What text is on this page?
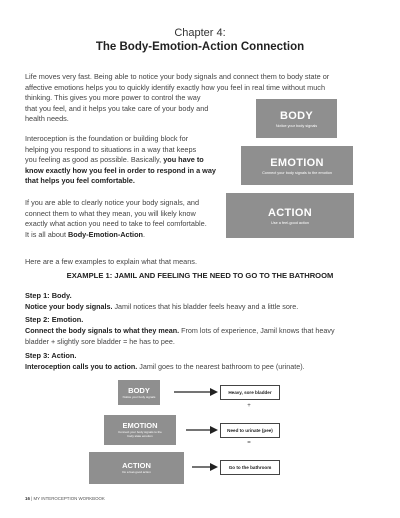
Chapter 4:
The Body-Emotion-Action Connection
Life moves very fast. Being able to notice your body signals and connect them to body state or
affective emotions helps you to quickly identify exactly how you feel in real time without much
thinking. This gives you more power to control the way
that you feel, and it helps you take care of your body and
health needs.
Interoception is the foundation or building block for
helping you respond to situations in a way that keeps
you feeling as good as possible. Basically, you have to
know exactly how you feel in order to respond in a way
that helps you feel comfortable.
If you are able to clearly notice your body signals, and
connect them to what they mean, you will likely know
exactly what action you need to take to feel comfortable.
It is all about Body-Emotion-Action.
BODY
Notice your body signals
EMOTION
Connect your body signals to the emotion
ACTION
Use a feel-good action
Here are a few examples to explain what that means.
EXAMPLE 1: JAMIL AND FEELING THE NEED TO GO TO THE BATHROOM
Step 1: Body.
Notice your body signals. Jamil notices that his bladder feels heavy and a little sore.
Step 2: Emotion.
Connect the body signals to what they mean. From lots of experience, Jamil knows that heavy
bladder + slightly sore bladder = he has to pee.
Step 3: Action.
Interoception calls you to action. Jamil goes to the nearest bathroom to pee (urinate).
BODY
Notice your body signals
EMOTION
Connect your body signals to the
body state emotion
ACTION
Do a feel-good action
Heavy, sore bladder
+
Need to urinate (pee)
=
Go to the bathroom
16 | MY INTEROCEPTION WORKBOOK
